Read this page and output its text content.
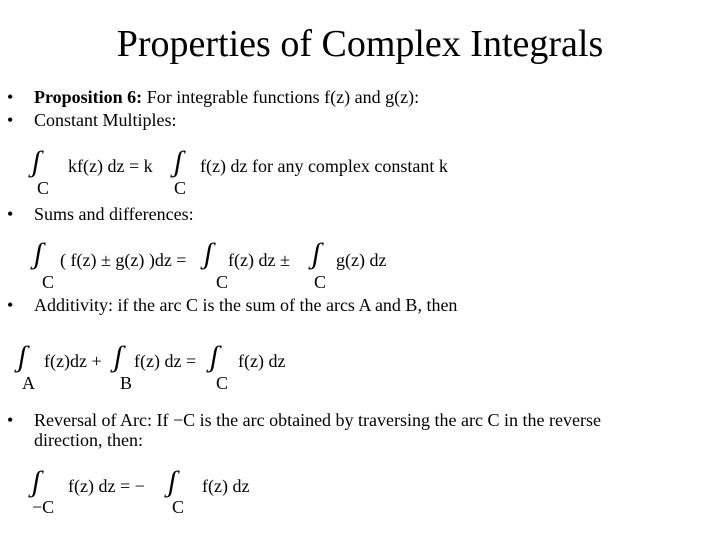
Properties of Complex Integrals
• Proposition 6: For integrable functions f(z) and g(z):
• Constant Multiples:
ʃ kf(z) dz = k ʃ f(z) dz for any complex constant k
C	C
• Sums and differences:
ʃ ( f(z) ± g(z) )dz = ʃ f(z) dz ± ʃ g(z) dz
C	C	C
• Additivity: if the arc C is the sum of the arcs A and B, then
ʃ f(z)dz + ʃ f(z) dz = ʃ f(z) dz
A	B	C
• Reversal of Arc: If −C is the arc obtained by traversing the arc C in the reverse
direction, then:
ʃ f(z) dz = − ʃ f(z) dz
−C	C
